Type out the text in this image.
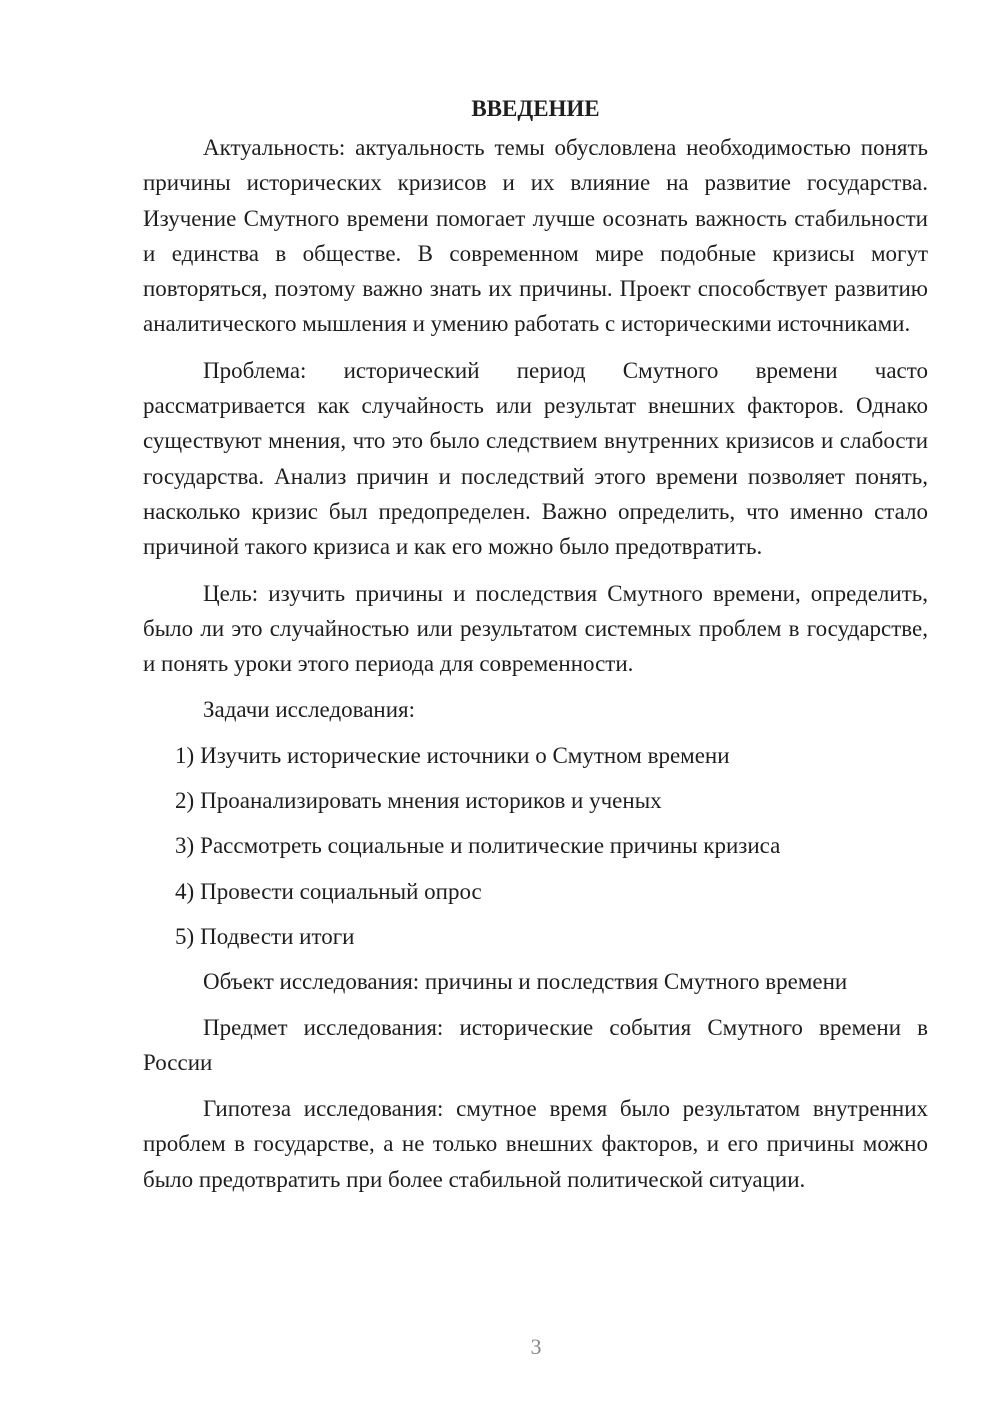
ВВЕДЕНИЕ

Актуальность: актуальность темы обусловлена необходимостью понять причины исторических кризисов и их влияние на развитие государства. Изучение Смутного времени помогает лучше осознать важность стабильности и единства в обществе. В современном мире подобные кризисы могут повторяться, поэтому важно знать их причины. Проект способствует развитию аналитического мышления и умению работать с историческими источниками.

Проблема: исторический период Смутного времени часто рассматривается как случайность или результат внешних факторов. Однако существуют мнения, что это было следствием внутренних кризисов и слабости государства. Анализ причин и последствий этого времени позволяет понять, насколько кризис был предопределен. Важно определить, что именно стало причиной такого кризиса и как его можно было предотвратить.

Цель: изучить причины и последствия Смутного времени, определить, было ли это случайностью или результатом системных проблем в государстве, и понять уроки этого периода для современности.

Задачи исследования:

1) Изучить исторические источники о Смутном времени
2) Проанализировать мнения историков и ученых
3) Рассмотреть социальные и политические причины кризиса
4) Провести социальный опрос
5) Подвести итоги

Объект исследования: причины и последствия Смутного времени

Предмет исследования: исторические события Смутного времени в России

Гипотеза исследования: смутное время было результатом внутренних проблем в государстве, а не только внешних факторов, и его причины можно было предотвратить при более стабильной политической ситуации.

3
